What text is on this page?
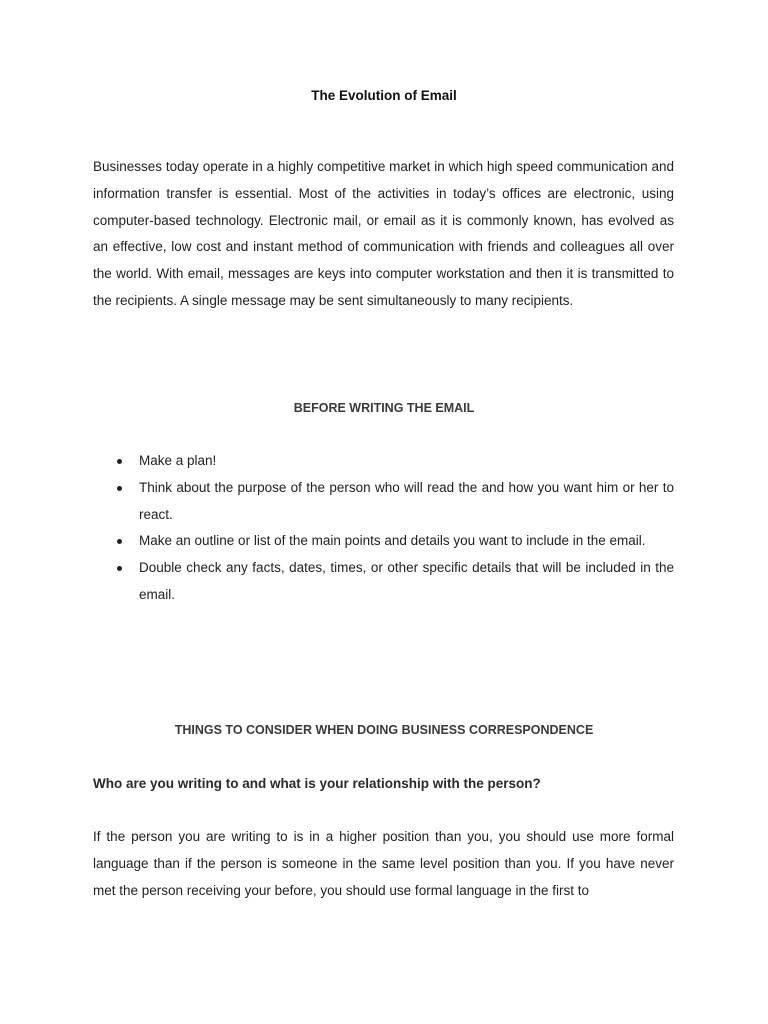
The Evolution of Email

Businesses today operate in a highly competitive market in which high speed communication and information transfer is essential. Most of the activities in today’s offices are electronic, using computer-based technology. Electronic mail, or email as it is commonly known, has evolved as an effective, low cost and instant method of communication with friends and colleagues all over the world. With email, messages are keys into computer workstation and then it is transmitted to the recipients. A single message may be sent simultaneously to many recipients.

BEFORE WRITING THE EMAIL
Make a plan!
Think about the purpose of the person who will read the and how you want him or her to react.
Make an outline or list of the main points and details you want to include in the email.
Double check any facts, dates, times, or other specific details that will be included in the email.
THINGS TO CONSIDER WHEN DOING BUSINESS CORRESPONDENCE
Who are you writing to and what is your relationship with the person?

If the person you are writing to is in a higher position than you, you should use more formal language than if the person is someone in the same level position than you. If you have never met the person receiving your before, you should use formal language in the first to
